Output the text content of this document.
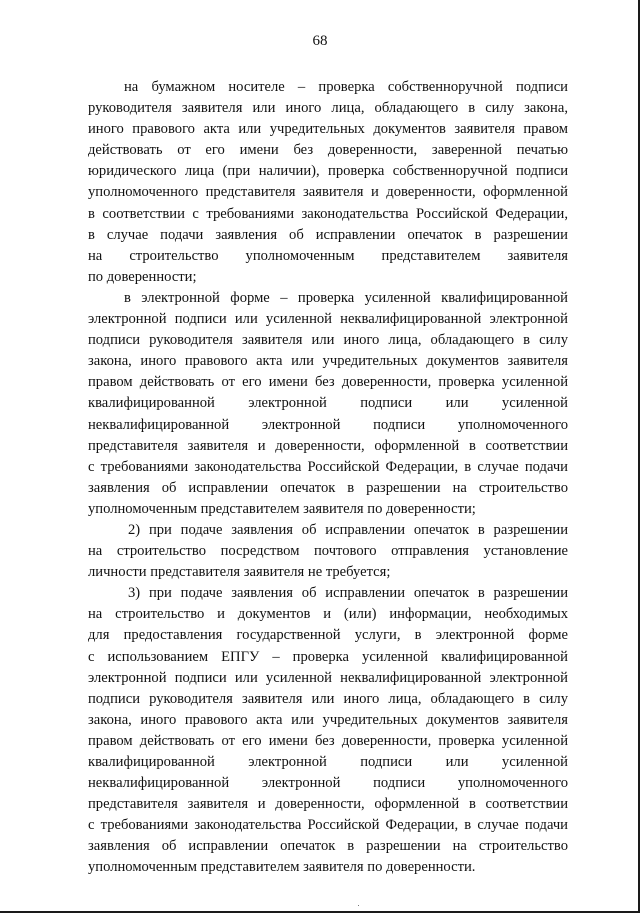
68
на бумажном носителе – проверка собственноручной подписи
руководителя заявителя или иного лица, обладающего в силу закона,
иного правового акта или учредительных документов заявителя правом
действовать от его имени без доверенности, заверенной печатью
юридического лица (при наличии), проверка собственноручной подписи
уполномоченного представителя заявителя и доверенности, оформленной
в соответствии с требованиями законодательства Российской Федерации,
в случае подачи заявления об исправлении опечаток в разрешении
на строительство уполномоченным представителем заявителя
по доверенности;
в электронной форме – проверка усиленной квалифицированной
электронной подписи или усиленной неквалифицированной электронной
подписи руководителя заявителя или иного лица, обладающего в силу
закона, иного правового акта или учредительных документов заявителя
правом действовать от его имени без доверенности, проверка усиленной
квалифицированной электронной подписи или усиленной
неквалифицированной электронной подписи уполномоченного
представителя заявителя и доверенности, оформленной в соответствии
с требованиями законодательства Российской Федерации, в случае подачи
заявления об исправлении опечаток в разрешении на строительство
уполномоченным представителем заявителя по доверенности;
2) при подаче заявления об исправлении опечаток в разрешении
на строительство посредством почтового отправления установление
личности представителя заявителя не требуется;
3) при подаче заявления об исправлении опечаток в разрешении
на строительство и документов и (или) информации, необходимых
для предоставления государственной услуги, в электронной форме
с использованием ЕПГУ – проверка усиленной квалифицированной
электронной подписи или усиленной неквалифицированной электронной
подписи руководителя заявителя или иного лица, обладающего в силу
закона, иного правового акта или учредительных документов заявителя
правом действовать от его имени без доверенности, проверка усиленной
квалифицированной электронной подписи или усиленной
неквалифицированной электронной подписи уполномоченного
представителя заявителя и доверенности, оформленной в соответствии
с требованиями законодательства Российской Федерации, в случае подачи
заявления об исправлении опечаток в разрешении на строительство
уполномоченным представителем заявителя по доверенности.
